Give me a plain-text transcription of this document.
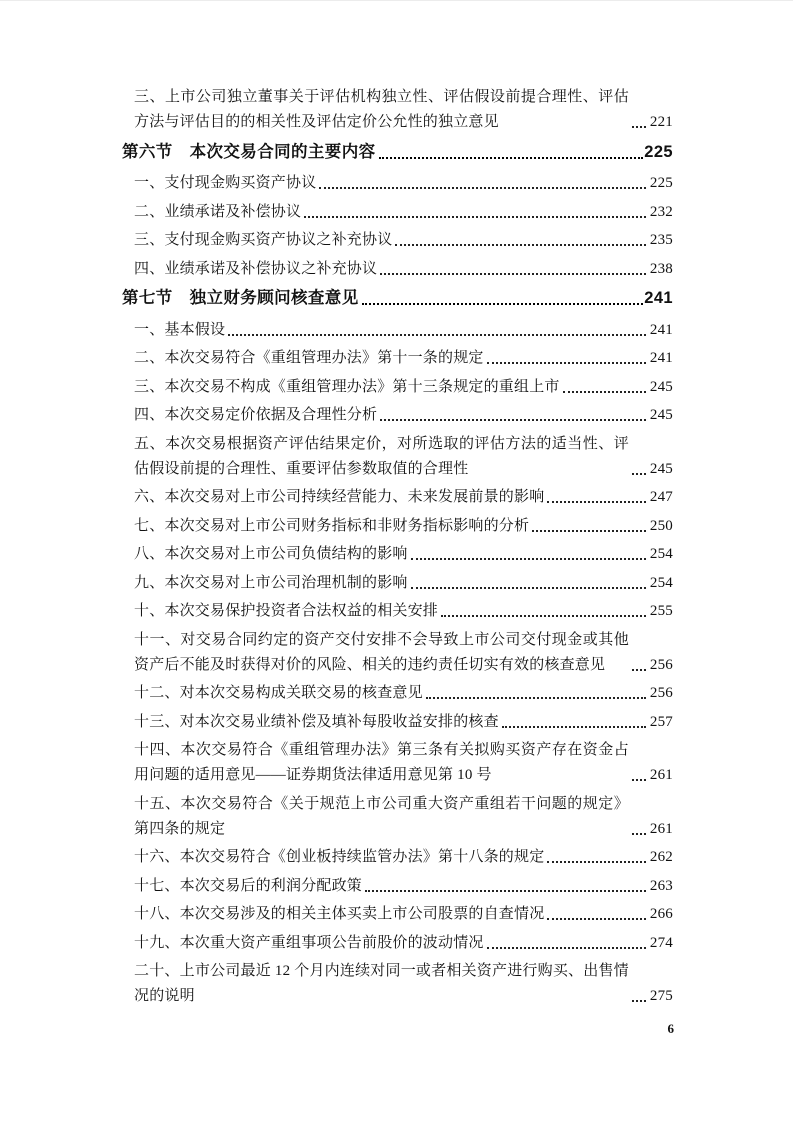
三、上市公司独立董事关于评估机构独立性、评估假设前提合理性、评估方法与评估目的的相关性及评估定价公允性的独立意见	221
第六节　本次交易合同的主要内容	225
一、支付现金购买资产协议	225
二、业绩承诺及补偿协议	232
三、支付现金购买资产协议之补充协议	235
四、业绩承诺及补偿协议之补充协议	238
第七节　独立财务顾问核查意见	241
一、基本假设	241
二、本次交易符合《重组管理办法》第十一条的规定	241
三、本次交易不构成《重组管理办法》第十三条规定的重组上市	245
四、本次交易定价依据及合理性分析	245
五、本次交易根据资产评估结果定价，对所选取的评估方法的适当性、评估假设前提的合理性、重要评估参数取值的合理性	245
六、本次交易对上市公司持续经营能力、未来发展前景的影响	247
七、本次交易对上市公司财务指标和非财务指标影响的分析	250
八、本次交易对上市公司负债结构的影响	254
九、本次交易对上市公司治理机制的影响	254
十、本次交易保护投资者合法权益的相关安排	255
十一、对交易合同约定的资产交付安排不会导致上市公司交付现金或其他资产后不能及时获得对价的风险、相关的违约责任切实有效的核查意见	256
十二、对本次交易构成关联交易的核查意见	256
十三、对本次交易业绩补偿及填补每股收益安排的核查	257
十四、本次交易符合《重组管理办法》第三条有关拟购买资产存在资金占用问题的适用意见——证券期货法律适用意见第 10 号	261
十五、本次交易符合《关于规范上市公司重大资产重组若干问题的规定》第四条的规定	261
十六、本次交易符合《创业板持续监管办法》第十八条的规定	262
十七、本次交易后的利润分配政策	263
十八、本次交易涉及的相关主体买卖上市公司股票的自查情况	266
十九、本次重大资产重组事项公告前股价的波动情况	274
二十、上市公司最近 12 个月内连续对同一或者相关资产进行购买、出售情况的说明	275
6
